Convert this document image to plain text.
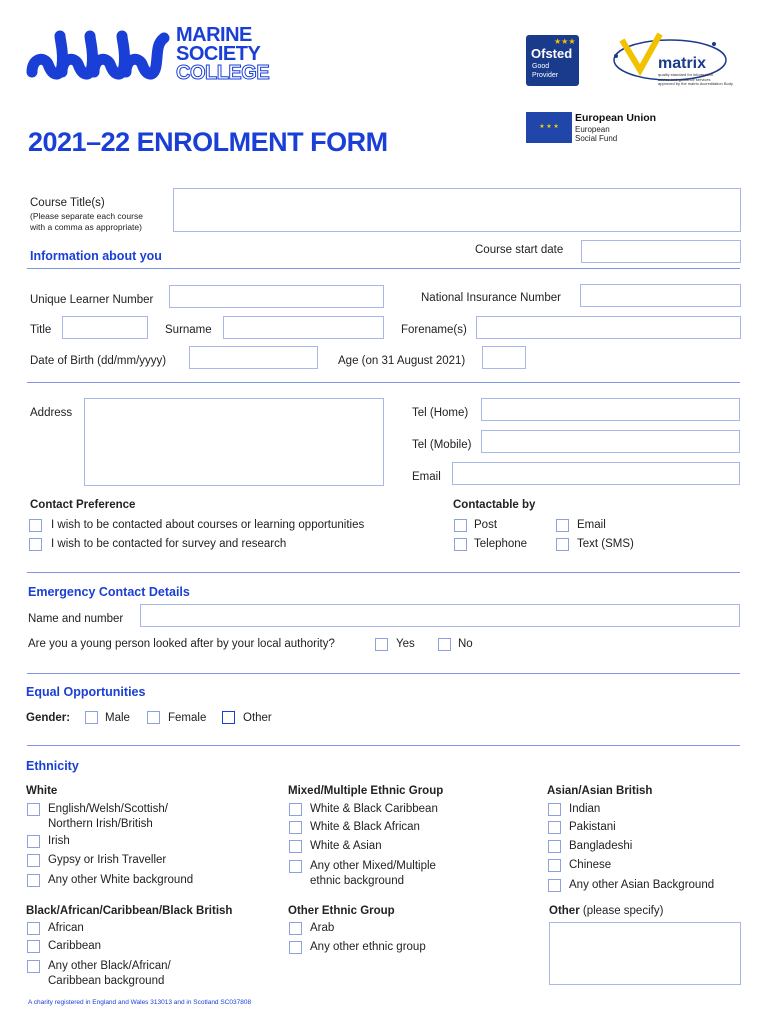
MARINE
SOCIETY
COLLEGE
★★★
Ofsted
Good
Provider
matrix
quality standard for information
advice and guidance services
approved by the matrix Accreditation Body
★ ★ ★
European Union
European
Social Fund
2021–22 ENROLMENT FORM
Course Title(s)
(Please separate each course
with a comma as appropriate)
Information about you	Course start date
Unique Learner Number	National Insurance Number
Title	Surname	Forename(s)
Date of Birth (dd/mm/yyyy)	Age (on 31 August 2021)
Address	Tel (Home)
Tel (Mobile)
Email
Contact Preference
I wish to be contacted about courses or learning opportunities
I wish to be contacted for survey and research
Contactable by
Post
Telephone
Email
Text (SMS)
Emergency Contact Details
Name and number
Are you a young person looked after by your local authority?	Yes	No
Equal Opportunities
Gender:	Male	Female	Other
Ethnicity
White
English/Welsh/Scottish/
Northern Irish/British
Irish
Gypsy or Irish Traveller
Any other White background
Mixed/Multiple Ethnic Group
White & Black Caribbean
White & Black African
White & Asian
Any other Mixed/Multiple
ethnic background
Asian/Asian British
Indian
Pakistani
Bangladeshi
Chinese
Any other Asian Background
Black/African/Caribbean/Black British
African
Caribbean
Any other Black/African/
Caribbean background
Other Ethnic Group
Arab
Any other ethnic group
Other (please specify)
A charity registered in England and Wales 313013 and in Scotland SC037808
